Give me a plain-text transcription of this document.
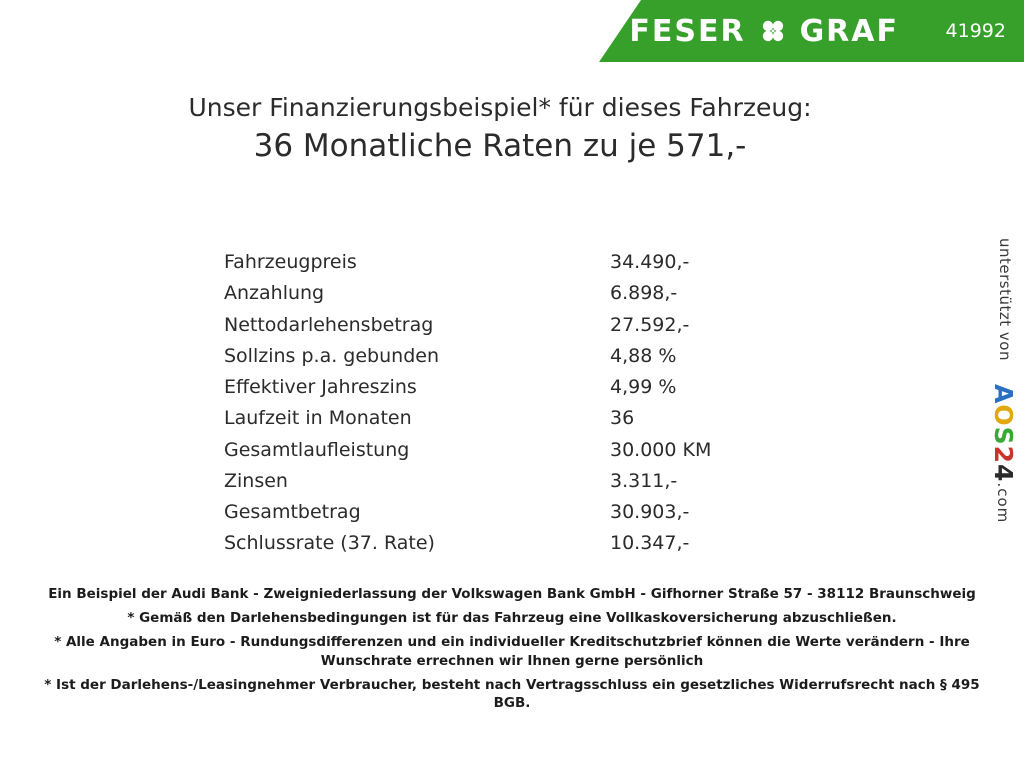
FESER GRAF 41992
Unser Finanzierungsbeispiel* für dieses Fahrzeug:
36 Monatliche Raten zu je 571,-
Fahrzeugpreis	34.490,-
Anzahlung	6.898,-
Nettodarlehensbetrag	27.592,-
Sollzins p.a. gebunden	4,88 %
Effektiver Jahreszins	4,99 %
Laufzeit in Monaten	36
Gesamtlaufleistung	30.000 KM
Zinsen	3.311,-
Gesamtbetrag	30.903,-
Schlussrate (37. Rate)	10.347,-
unterstützt von
AOS24.com
Ein Beispiel der Audi Bank - Zweigniederlassung der Volkswagen Bank GmbH - Gifhorner Straße 57 - 38112 Braunschweig
* Gemäß den Darlehensbedingungen ist für das Fahrzeug eine Vollkaskoversicherung abzuschließen.
* Alle Angaben in Euro - Rundungsdifferenzen und ein individueller Kreditschutzbrief können die Werte verändern - Ihre Wunschrate errechnen wir Ihnen gerne persönlich
* Ist der Darlehens-/Leasingnehmer Verbraucher, besteht nach Vertragsschluss ein gesetzliches Widerrufsrecht nach § 495 BGB.
